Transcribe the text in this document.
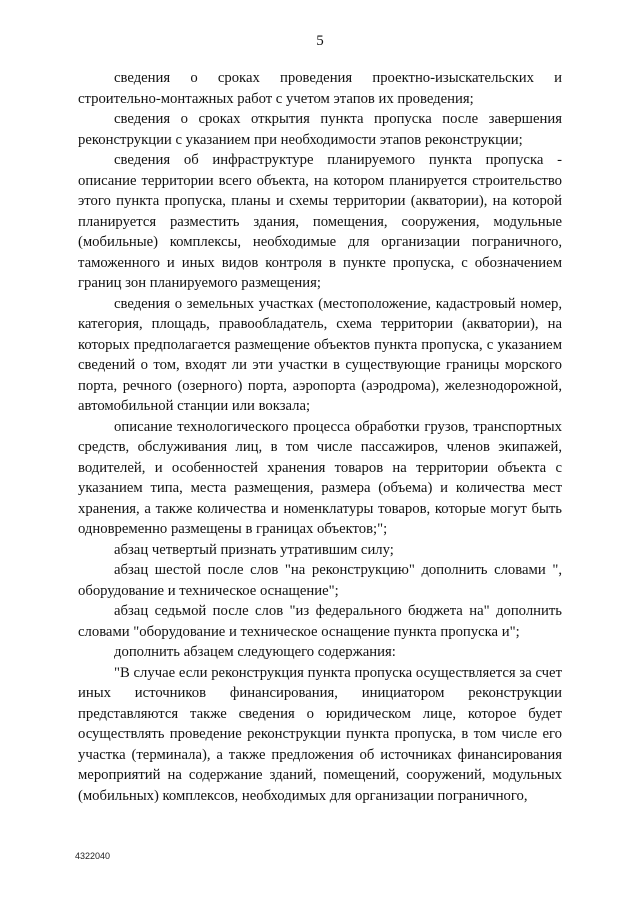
5

сведения о сроках проведения проектно-изыскательских и строительно-монтажных работ с учетом этапов их проведения;

сведения о сроках открытия пункта пропуска после завершения реконструкции с указанием при необходимости этапов реконструкции;

сведения об инфраструктуре планируемого пункта пропуска - описание территории всего объекта, на котором планируется строительство этого пункта пропуска, планы и схемы территории (акватории), на которой планируется разместить здания, помещения, сооружения, модульные (мобильные) комплексы, необходимые для организации пограничного, таможенного и иных видов контроля в пункте пропуска, с обозначением границ зон планируемого размещения;

сведения о земельных участках (местоположение, кадастровый номер, категория, площадь, правообладатель, схема территории (акватории), на которых предполагается размещение объектов пункта пропуска, с указанием сведений о том, входят ли эти участки в существующие границы морского порта, речного (озерного) порта, аэропорта (аэродрома), железнодорожной, автомобильной станции или вокзала;

описание технологического процесса обработки грузов, транспортных средств, обслуживания лиц, в том числе пассажиров, членов экипажей, водителей, и особенностей хранения товаров на территории объекта с указанием типа, места размещения, размера (объема) и количества мест хранения, а также количества и номенклатуры товаров, которые могут быть одновременно размещены в границах объектов;";

абзац четвертый признать утратившим силу;

абзац шестой после слов "на реконструкцию" дополнить словами ", оборудование и техническое оснащение";

абзац седьмой после слов "из федерального бюджета на" дополнить словами "оборудование и техническое оснащение пункта пропуска и";

дополнить абзацем следующего содержания:

"В случае если реконструкция пункта пропуска осуществляется за счет иных источников финансирования, инициатором реконструкции представляются также сведения о юридическом лице, которое будет осуществлять проведение реконструкции пункта пропуска, в том числе его участка (терминала), а также предложения об источниках финансирования мероприятий на содержание зданий, помещений, сооружений, модульных (мобильных) комплексов, необходимых для организации пограничного,

4322040
